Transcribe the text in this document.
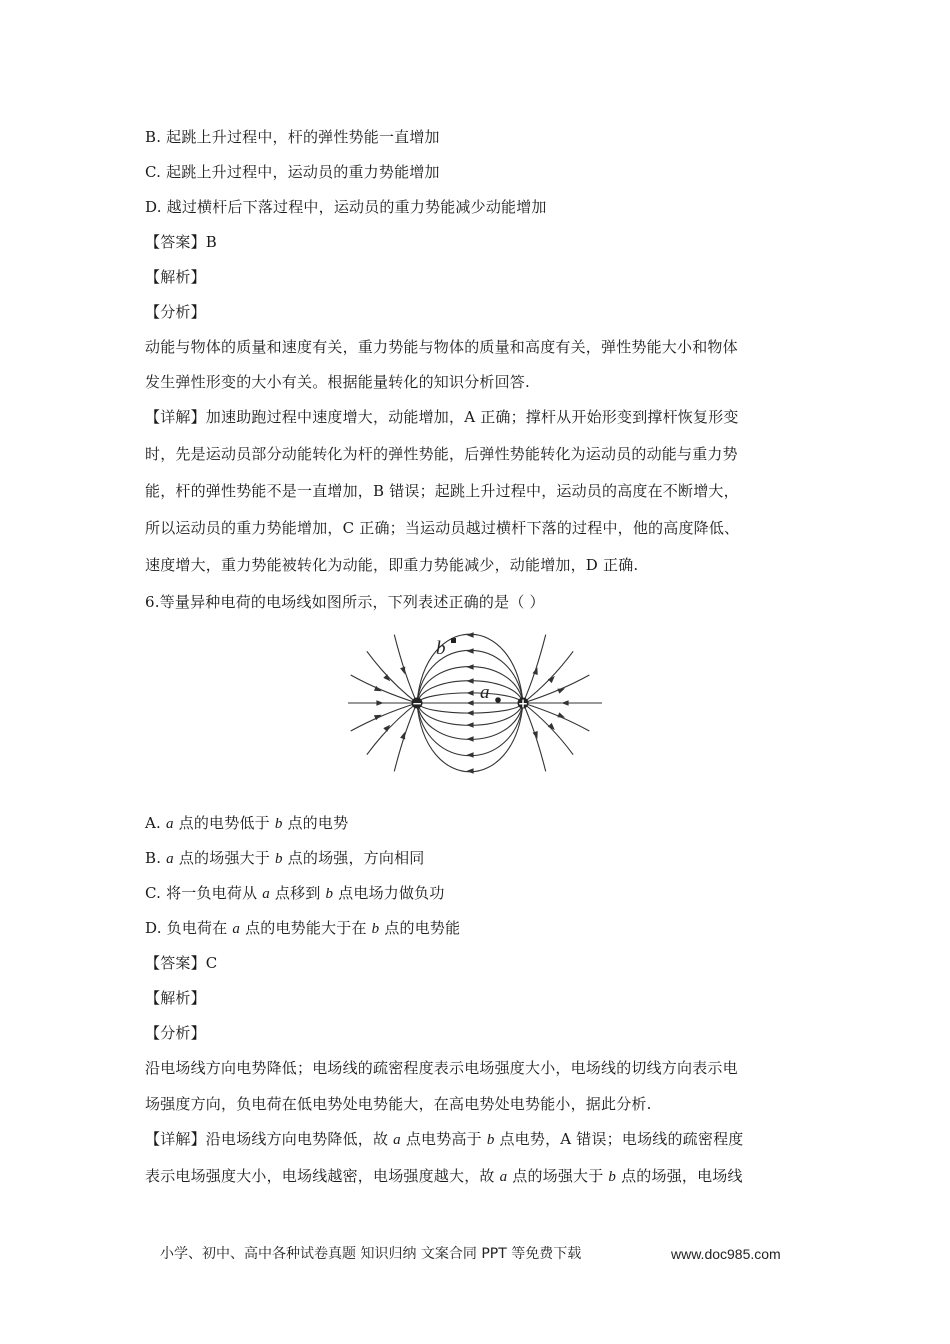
B. 起跳上升过程中，杆的弹性势能一直增加
C. 起跳上升过程中，运动员的重力势能增加
D. 越过横杆后下落过程中，运动员的重力势能减少动能增加
【答案】B
【解析】
【分析】
动能与物体的质量和速度有关，重力势能与物体的质量和高度有关，弹性势能大小和物体
发生弹性形变的大小有关。根据能量转化的知识分析回答.
【详解】加速助跑过程中速度增大，动能增加，A 正确；撑杆从开始形变到撑杆恢复形变
时，先是运动员部分动能转化为杆的弹性势能，后弹性势能转化为运动员的动能与重力势
能，杆的弹性势能不是一直增加，B 错误；起跳上升过程中，运动员的高度在不断增大，
所以运动员的重力势能增加，C 正确；当运动员越过横杆下落的过程中，他的高度降低、
速度增大，重力势能被转化为动能，即重力势能减少，动能增加，D 正确.
6.等量异种电荷的电场线如图所示，下列表述正确的是（ ）
−	+
b
a
A. a 点的电势低于 b 点的电势
B. a 点的场强大于 b 点的场强，方向相同
C. 将一负电荷从 a 点移到 b 点电场力做负功
D. 负电荷在 a 点的电势能大于在 b 点的电势能
【答案】C
【解析】
【分析】
沿电场线方向电势降低；电场线的疏密程度表示电场强度大小，电场线的切线方向表示电
场强度方向，负电荷在低电势处电势能大，在高电势处电势能小，据此分析.
【详解】沿电场线方向电势降低，故 a 点电势高于 b 点电势，A 错误；电场线的疏密程度
表示电场强度大小，电场线越密，电场强度越大，故 a 点的场强大于 b 点的场强，电场线
小学、初中、高中各种试卷真题 知识归纳 文案合同 PPT 等免费下载	www.doc985.com
